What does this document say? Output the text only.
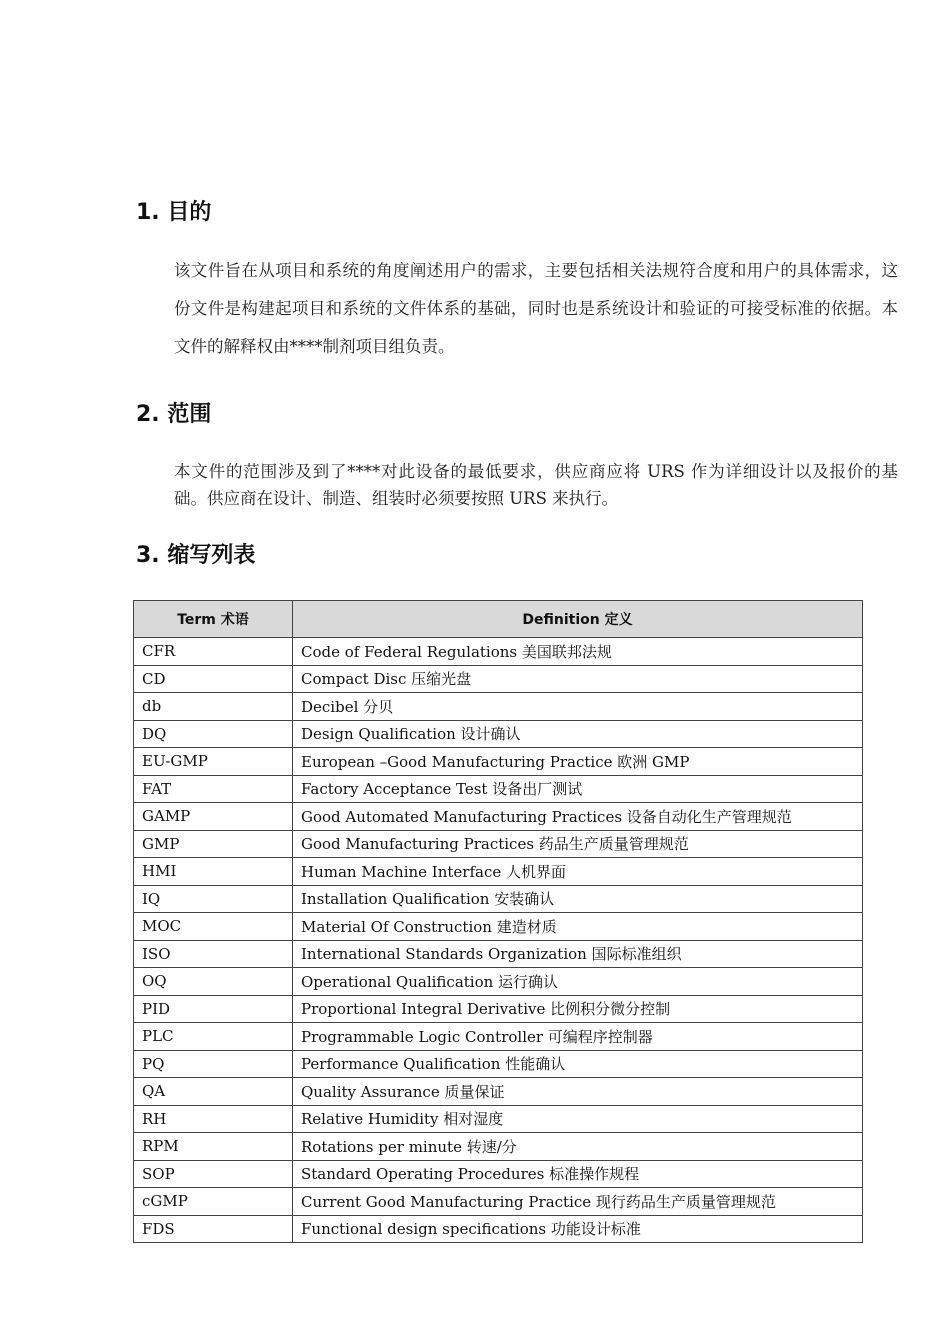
1. 目的

该文件旨在从项目和系统的角度阐述用户的需求，主要包括相关法规符合度和用户的具体需求，这份文件是构建起项目和系统的文件体系的基础，同时也是系统设计和验证的可接受标准的依据。本文件的解释权由****制剂项目组负责。

2. 范围

本文件的范围涉及到了****对此设备的最低要求，供应商应将 URS 作为详细设计以及报价的基础。供应商在设计、制造、组装时必须要按照 URS 来执行。

3. 缩写列表
Term 术语	Definition 定义
CFR	Code of Federal Regulations 美国联邦法规
CD	Compact Disc 压缩光盘
db	Decibel 分贝
DQ	Design Qualification 设计确认
EU-GMP	European –Good Manufacturing Practice 欧洲 GMP
FAT	Factory Acceptance Test 设备出厂测试
GAMP	Good Automated Manufacturing Practices 设备自动化生产管理规范
GMP	Good Manufacturing Practices 药品生产质量管理规范
HMI	Human Machine Interface 人机界面
IQ	Installation Qualification 安装确认
MOC	Material Of Construction 建造材质
ISO	International Standards Organization 国际标准组织
OQ	Operational Qualification 运行确认
PID	Proportional Integral Derivative 比例积分微分控制
PLC	Programmable Logic Controller 可编程序控制器
PQ	Performance Qualification 性能确认
QA	Quality Assurance 质量保证
RH	Relative Humidity 相对湿度
RPM	Rotations per minute 转速/分
SOP	Standard Operating Procedures 标准操作规程
cGMP	Current Good Manufacturing Practice 现行药品生产质量管理规范
FDS	Functional design specifications 功能设计标准
